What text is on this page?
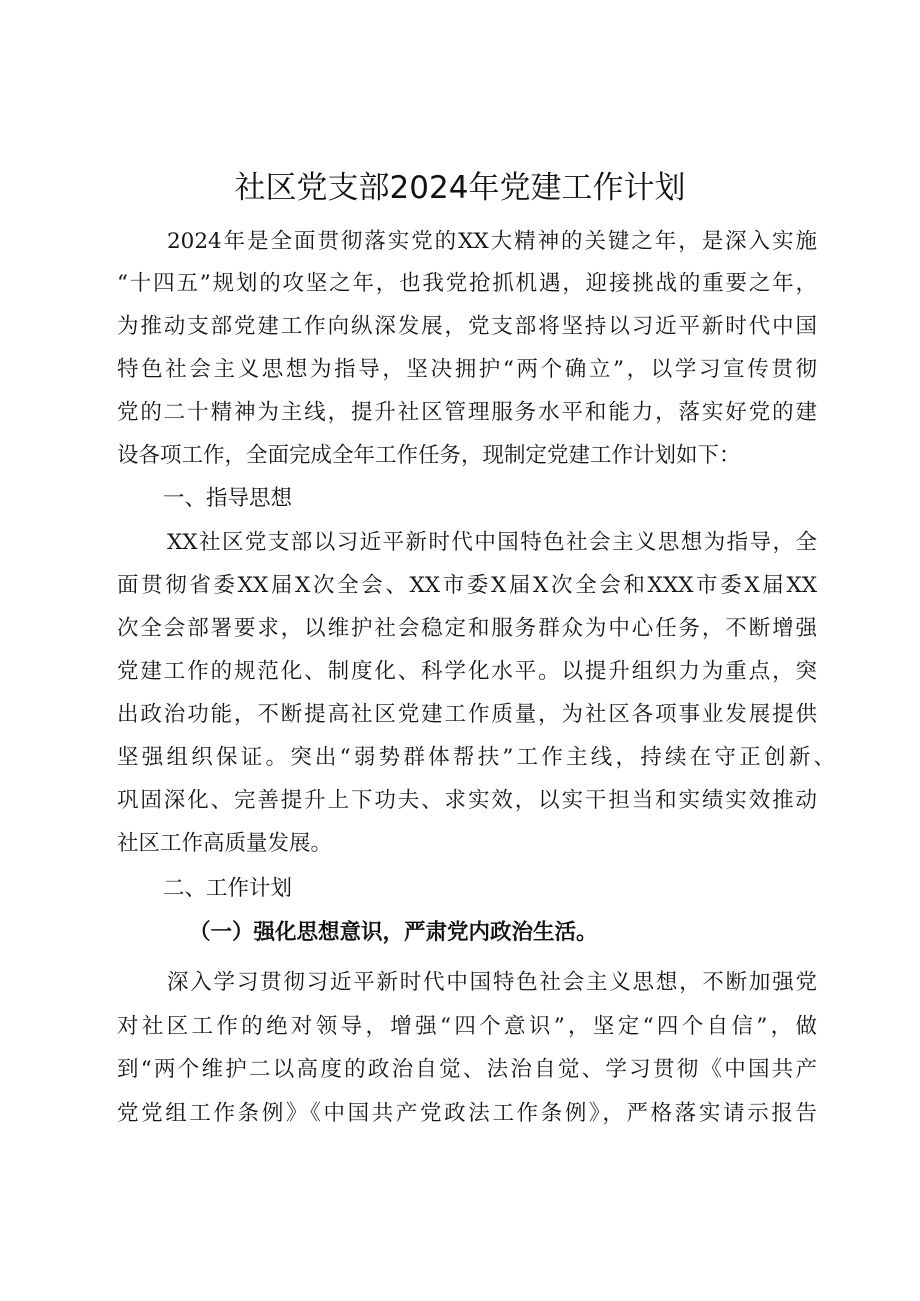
社区党支部2024年党建工作计划
2024年是全面贯彻落实党的XX大精神的关键之年，是深入实施
“十四五”规划的攻坚之年，也我党抢抓机遇，迎接挑战的重要之年，
为推动支部党建工作向纵深发展，党支部将坚持以习近平新时代中国
特色社会主义思想为指导，坚决拥护“两个确立”，以学习宣传贯彻
党的二十精神为主线，提升社区管理服务水平和能力，落实好党的建
设各项工作，全面完成全年工作任务，现制定党建工作计划如下：
一、指导思想
XX社区党支部以习近平新时代中国特色社会主义思想为指导，全
面贯彻省委XX届X次全会、XX市委X届X次全会和XXX市委X届XX
次全会部署要求，以维护社会稳定和服务群众为中心任务，不断增强
党建工作的规范化、制度化、科学化水平。以提升组织力为重点，突
出政治功能，不断提高社区党建工作质量，为社区各项事业发展提供
坚强组织保证。突出“弱势群体帮扶”工作主线，持续在守正创新、
巩固深化、完善提升上下功夫、求实效，以实干担当和实绩实效推动
社区工作高质量发展。
二、工作计划
（一）强化思想意识，严肃党内政治生活。
深入学习贯彻习近平新时代中国特色社会主义思想，不断加强党
对社区工作的绝对领导，增强“四个意识”，坚定“四个自信”，做
到“两个维护二以高度的政治自觉、法治自觉、学习贯彻《中国共产
党党组工作条例》《中国共产党政法工作条例》，严格落实请示报告
